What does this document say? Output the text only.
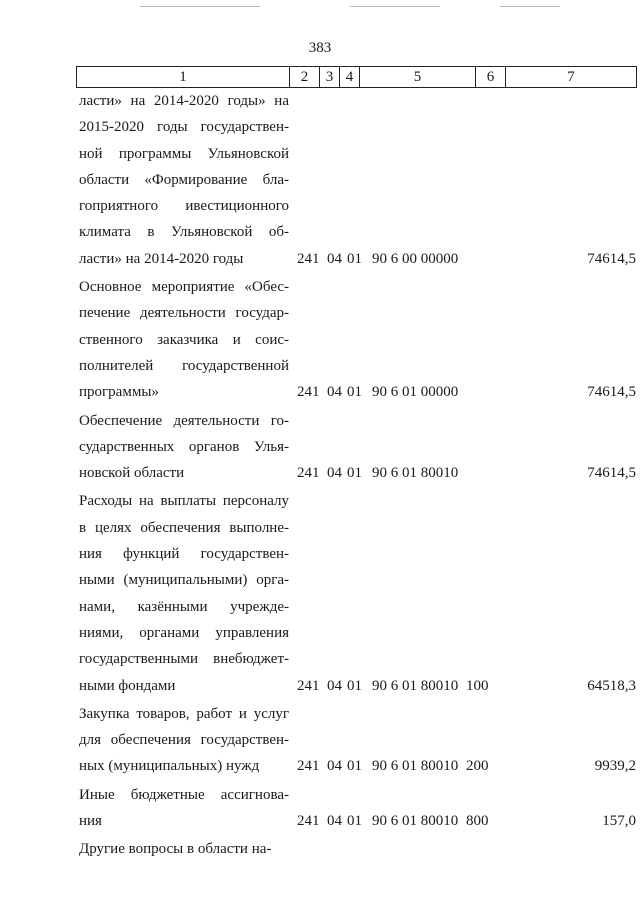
383
1	2	3	4	5	6	7
ласти» на 2014-2020 годы» на
2015-2020 годы государствен-
ной программы Ульяновской
области «Формирование бла-
гоприятного ивестиционного
климата в Ульяновской об-
ласти» на 2014-2020 годы	241 04 01 90 6 00 00000	74614,5
Основное мероприятие «Обес-
печение деятельности государ-
ственного заказчика и соис-
полнителей государственной
программы»	241 04 01 90 6 01 00000	74614,5
Обеспечение деятельности го-
сударственных органов Улья-
новской области	241 04 01 90 6 01 80010	74614,5
Расходы на выплаты персоналу
в целях обеспечения выполне-
ния функций государствен-
ными (муниципальными) орга-
нами, казёнными учрежде-
ниями, органами управления
государственными внебюджет-
ными фондами	241 04 01 90 6 01 80010 100	64518,3
Закупка товаров, работ и услуг
для обеспечения государствен-
ных (муниципальных) нужд	241 04 01 90 6 01 80010 200	9939,2
Иные бюджетные ассигнова-
ния	241 04 01 90 6 01 80010 800	157,0
Другие вопросы в области на-
